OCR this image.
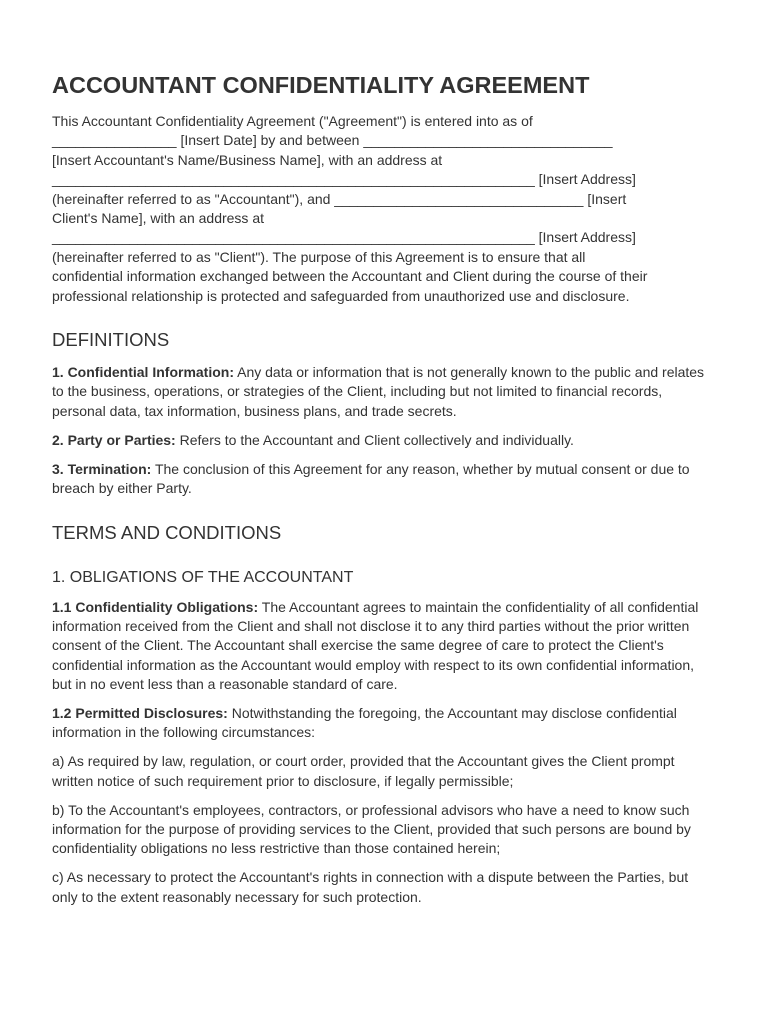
ACCOUNTANT CONFIDENTIALITY AGREEMENT
This Accountant Confidentiality Agreement ("Agreement") is entered into as of
________________ [Insert Date] by and between ________________________________
[Insert Accountant's Name/Business Name], with an address at
______________________________________________________________ [Insert Address]
(hereinafter referred to as "Accountant"), and ________________________________ [Insert
Client's Name], with an address at
______________________________________________________________ [Insert Address]
(hereinafter referred to as "Client"). The purpose of this Agreement is to ensure that all
confidential information exchanged between the Accountant and Client during the course of their
professional relationship is protected and safeguarded from unauthorized use and disclosure.
DEFINITIONS

1. Confidential Information: Any data or information that is not generally known to the public and relates to the business, operations, or strategies of the Client, including but not limited to financial records, personal data, tax information, business plans, and trade secrets.

2. Party or Parties: Refers to the Accountant and Client collectively and individually.

3. Termination: The conclusion of this Agreement for any reason, whether by mutual consent or due to breach by either Party.

TERMS AND CONDITIONS
1. OBLIGATIONS OF THE ACCOUNTANT

1.1 Confidentiality Obligations: The Accountant agrees to maintain the confidentiality of all confidential information received from the Client and shall not disclose it to any third parties without the prior written consent of the Client. The Accountant shall exercise the same degree of care to protect the Client's confidential information as the Accountant would employ with respect to its own confidential information, but in no event less than a reasonable standard of care.

1.2 Permitted Disclosures: Notwithstanding the foregoing, the Accountant may disclose confidential information in the following circumstances:

a) As required by law, regulation, or court order, provided that the Accountant gives the Client prompt written notice of such requirement prior to disclosure, if legally permissible;

b) To the Accountant's employees, contractors, or professional advisors who have a need to know such information for the purpose of providing services to the Client, provided that such persons are bound by confidentiality obligations no less restrictive than those contained herein;

c) As necessary to protect the Accountant's rights in connection with a dispute between the Parties, but only to the extent reasonably necessary for such protection.
